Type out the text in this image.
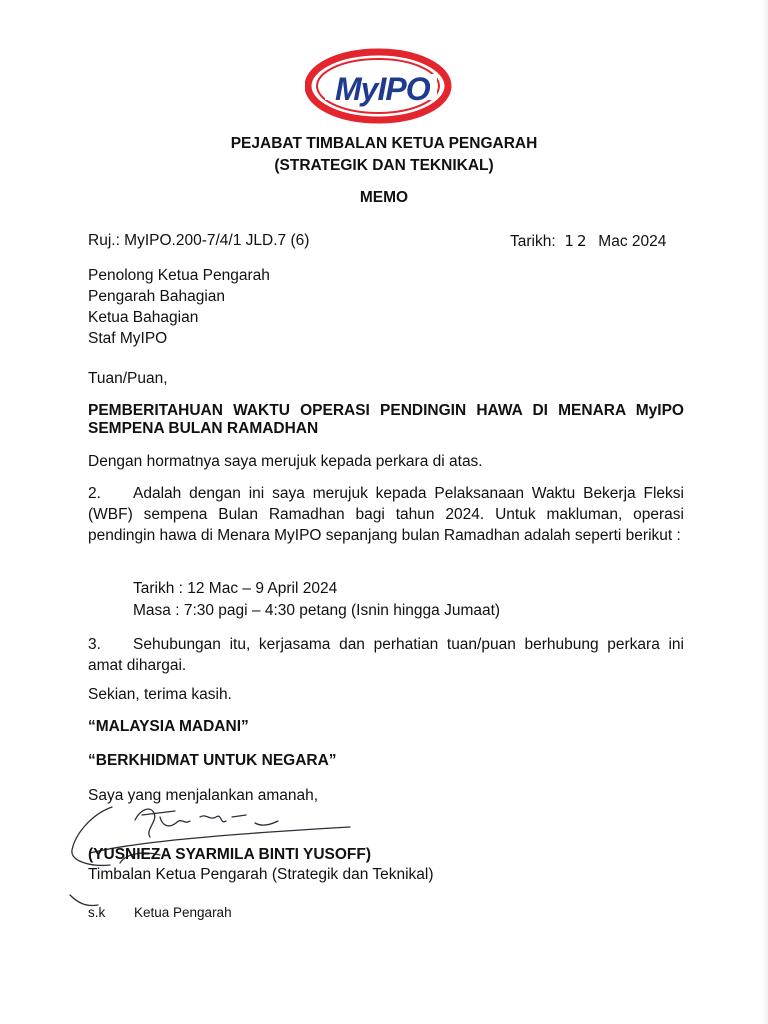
MyIPO
PEJABAT TIMBALAN KETUA PENGARAH
(STRATEGIK DAN TEKNIKAL)
MEMO
Ruj.: MyIPO.200-7/4/1 JLD.7 (6)	Tarikh: 12 Mac 2024
Penolong Ketua Pengarah
Pengarah Bahagian
Ketua Bahagian
Staf MyIPO
Tuan/Puan,
PEMBERITAHUAN WAKTU OPERASI PENDINGIN HAWA DI MENARA MyIPO SEMPENA BULAN RAMADHAN
Dengan hormatnya saya merujuk kepada perkara di atas.
2. Adalah dengan ini saya merujuk kepada Pelaksanaan Waktu Bekerja Fleksi (WBF) sempena Bulan Ramadhan bagi tahun 2024. Untuk makluman, operasi pendingin hawa di Menara MyIPO sepanjang bulan Ramadhan adalah seperti berikut :
Tarikh : 12 Mac – 9 April 2024
Masa : 7:30 pagi – 4:30 petang (Isnin hingga Jumaat)
3. Sehubungan itu, kerjasama dan perhatian tuan/puan berhubung perkara ini amat dihargai.
Sekian, terima kasih.
“MALAYSIA MADANI”
“BERKHIDMAT UNTUK NEGARA”
Saya yang menjalankan amanah,
(YUSNIEZA SYARMILA BINTI YUSOFF)
Timbalan Ketua Pengarah (Strategik dan Teknikal)
s.k Ketua Pengarah
